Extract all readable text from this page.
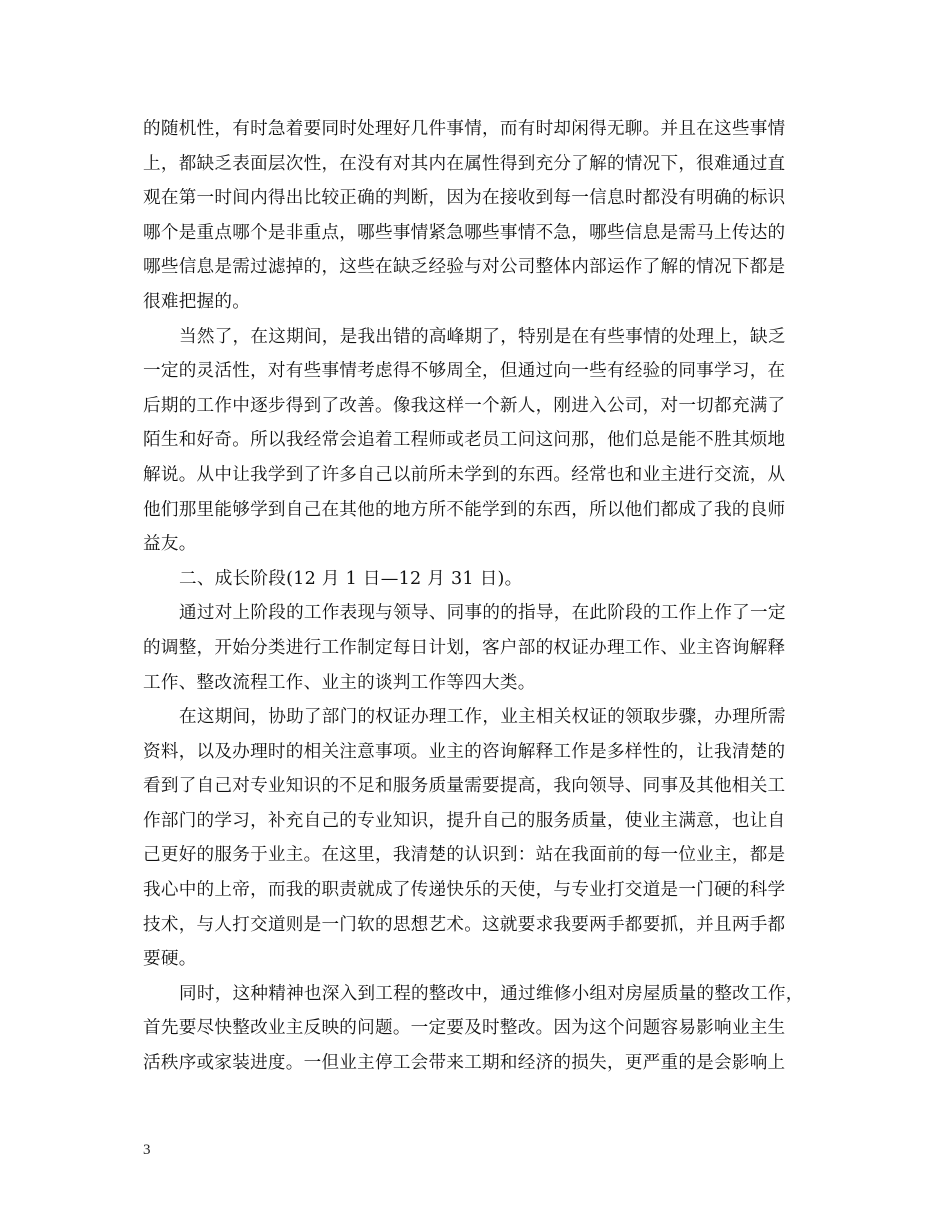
的随机性，有时急着要同时处理好几件事情，而有时却闲得无聊。并且在这些事情
上，都缺乏表面层次性，在没有对其内在属性得到充分了解的情况下，很难通过直
观在第一时间内得出比较正确的判断，因为在接收到每一信息时都没有明确的标识
哪个是重点哪个是非重点，哪些事情紧急哪些事情不急，哪些信息是需马上传达的
哪些信息是需过滤掉的，这些在缺乏经验与对公司整体内部运作了解的情况下都是
很难把握的。
当然了，在这期间，是我出错的高峰期了，特别是在有些事情的处理上，缺乏
一定的灵活性，对有些事情考虑得不够周全，但通过向一些有经验的同事学习，在
后期的工作中逐步得到了改善。像我这样一个新人，刚进入公司，对一切都充满了
陌生和好奇。所以我经常会追着工程师或老员工问这问那，他们总是能不胜其烦地
解说。从中让我学到了许多自己以前所未学到的东西。经常也和业主进行交流，从
他们那里能够学到自己在其他的地方所不能学到的东西，所以他们都成了我的良师
益友。
二、成长阶段(12 月 1 日—12 月 31 日)。
通过对上阶段的工作表现与领导、同事的的指导，在此阶段的工作上作了一定
的调整，开始分类进行工作制定每日计划，客户部的权证办理工作、业主咨询解释
工作、整改流程工作、业主的谈判工作等四大类。
在这期间，协助了部门的权证办理工作，业主相关权证的领取步骤，办理所需
资料，以及办理时的相关注意事项。业主的咨询解释工作是多样性的，让我清楚的
看到了自己对专业知识的不足和服务质量需要提高，我向领导、同事及其他相关工
作部门的学习，补充自己的专业知识，提升自己的服务质量，使业主满意，也让自
己更好的服务于业主。在这里，我清楚的认识到：站在我面前的每一位业主，都是
我心中的上帝，而我的职责就成了传递快乐的天使，与专业打交道是一门硬的科学
技术，与人打交道则是一门软的思想艺术。这就要求我要两手都要抓，并且两手都
要硬。
同时，这种精神也深入到工程的整改中，通过维修小组对房屋质量的整改工作，
首先要尽快整改业主反映的问题。一定要及时整改。因为这个问题容易影响业主生
活秩序或家装进度。一但业主停工会带来工期和经济的损失，更严重的是会影响上
3
